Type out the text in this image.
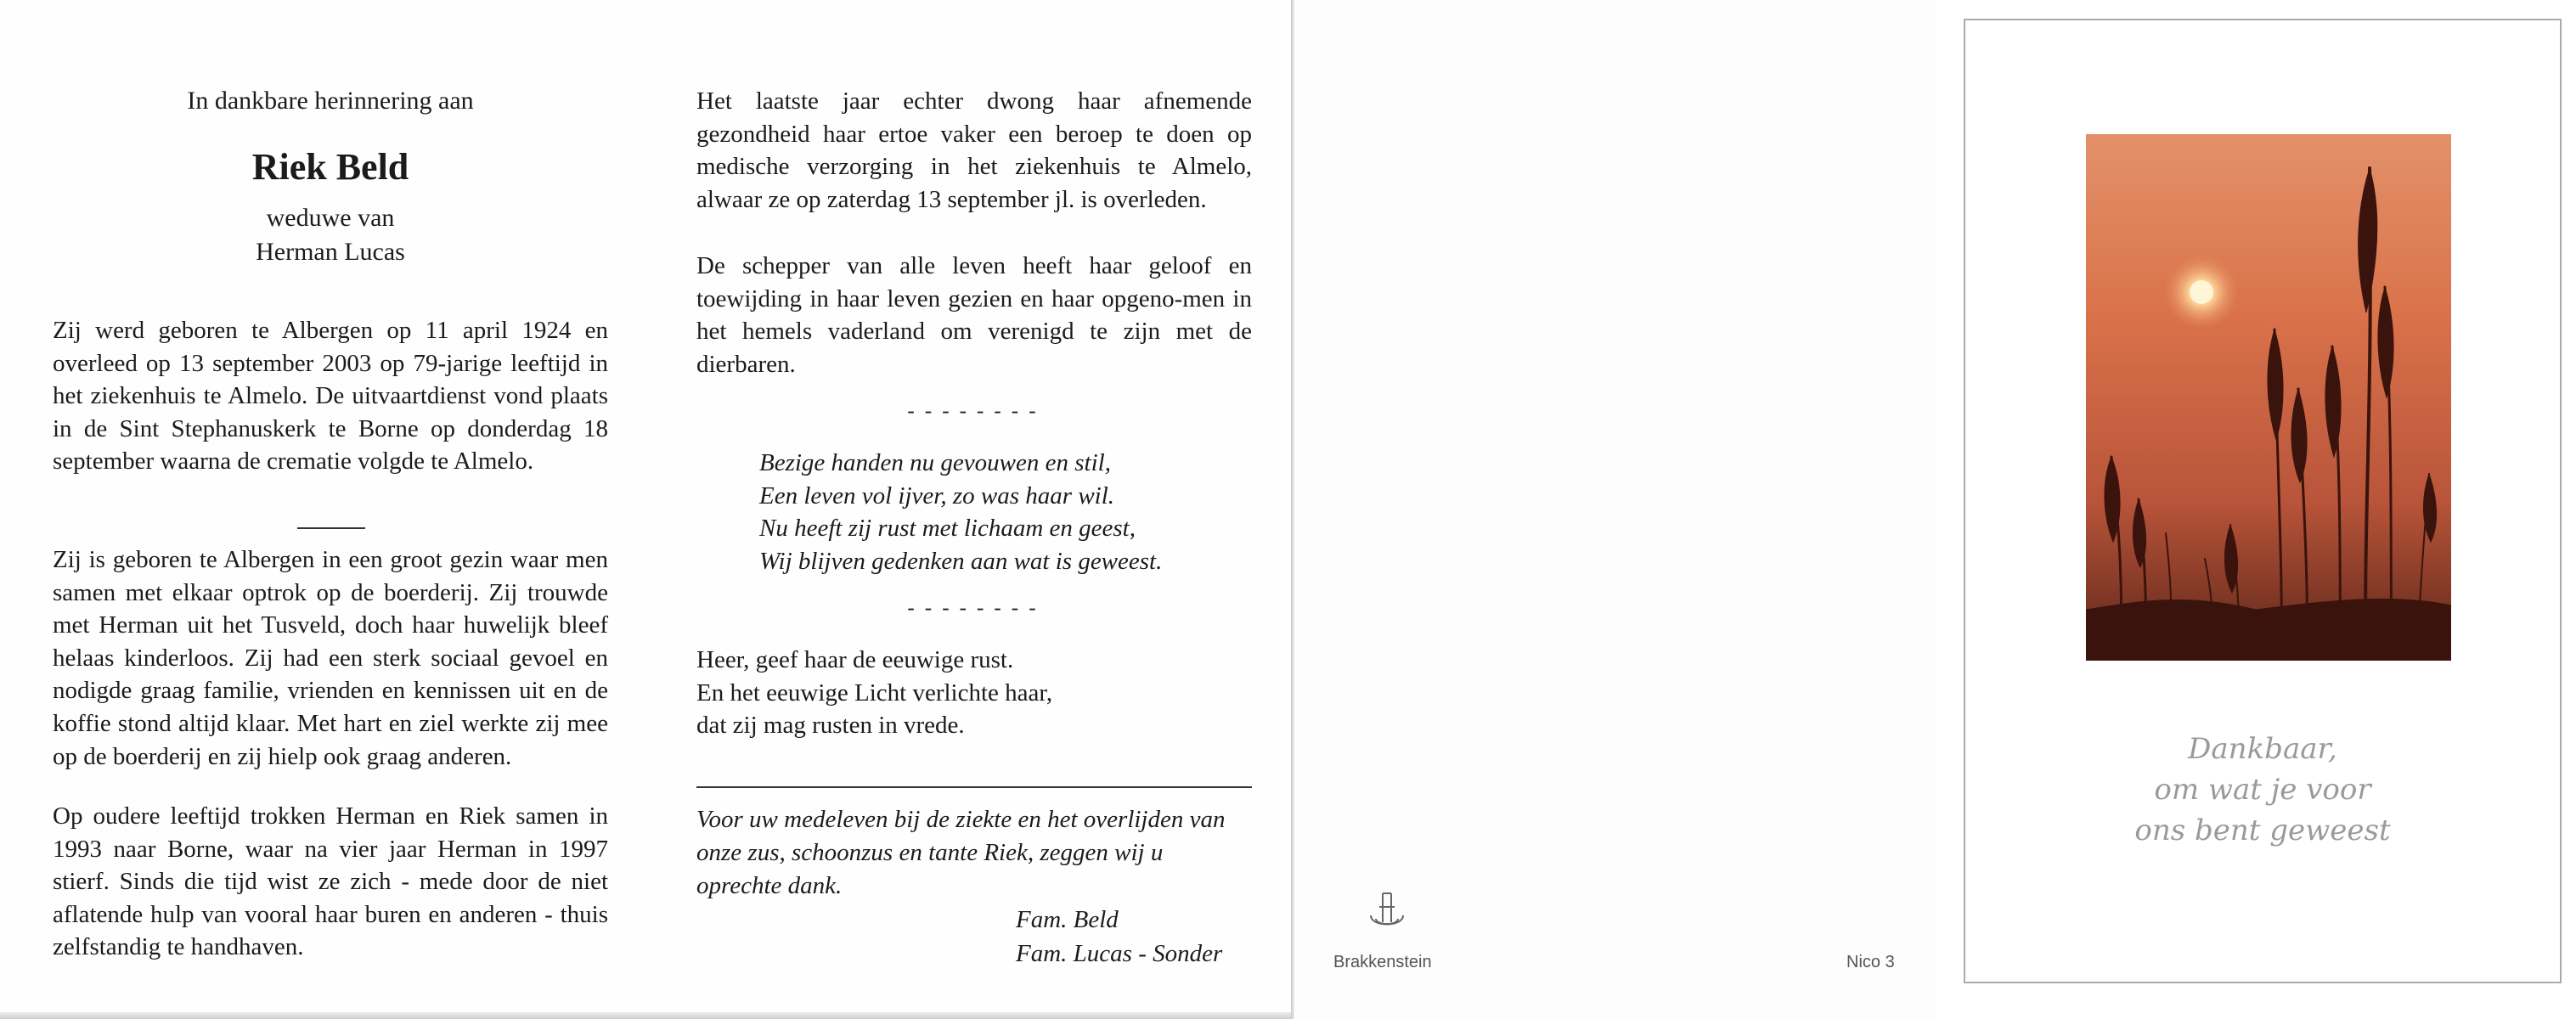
In dankbare herinnering aan
Riek Beld
weduwe van
Herman Lucas

Zij werd geboren te Albergen op 11 april 1924 en overleed op 13 september 2003 op 79-jarige leeftijd in het ziekenhuis te Almelo. De uitvaartdienst vond plaats in de Sint Stephanuskerk te Borne op donderdag 18 september waarna de crematie volgde te Almelo.

Zij is geboren te Albergen in een groot gezin waar men samen met elkaar optrok op de boerderij. Zij trouwde met Herman uit het Tusveld, doch haar huwelijk bleef helaas kinderloos. Zij had een sterk sociaal gevoel en nodigde graag familie, vrienden en kennissen uit en de koffie stond altijd klaar. Met hart en ziel werkte zij mee op de boerderij en zij hielp ook graag anderen.

Op oudere leeftijd trokken Herman en Riek samen in 1993 naar Borne, waar na vier jaar Herman in 1997 stierf. Sinds die tijd wist ze zich - mede door de niet aflatende hulp van vooral haar buren en anderen - thuis zelfstandig te handhaven.

Het laatste jaar echter dwong haar afnemende gezondheid haar ertoe vaker een beroep te doen op medische verzorging in het ziekenhuis te Almelo, alwaar ze op zaterdag 13 september jl. is overleden.

De schepper van alle leven heeft haar geloof en toewijding in haar leven gezien en haar opgeno-men in het hemels vaderland om verenigd te zijn met de dierbaren.

--------
Bezige handen nu gevouwen en stil,
Een leven vol ijver, zo was haar wil.
Nu heeft zij rust met lichaam en geest,
Wij blijven gedenken aan wat is geweest.
--------
Heer, geef haar de eeuwige rust.
En het eeuwige Licht verlichte haar,
dat zij mag rusten in vrede.

Voor uw medeleven bij de ziekte en het overlijden van onze zus, schoonzus en tante Riek, zeggen wij u oprechte dank.

Fam. Beld
Fam. Lucas - Sonder	Brakkenstein	Nico 3
Dankbaar,
om wat je voor
ons bent geweest
